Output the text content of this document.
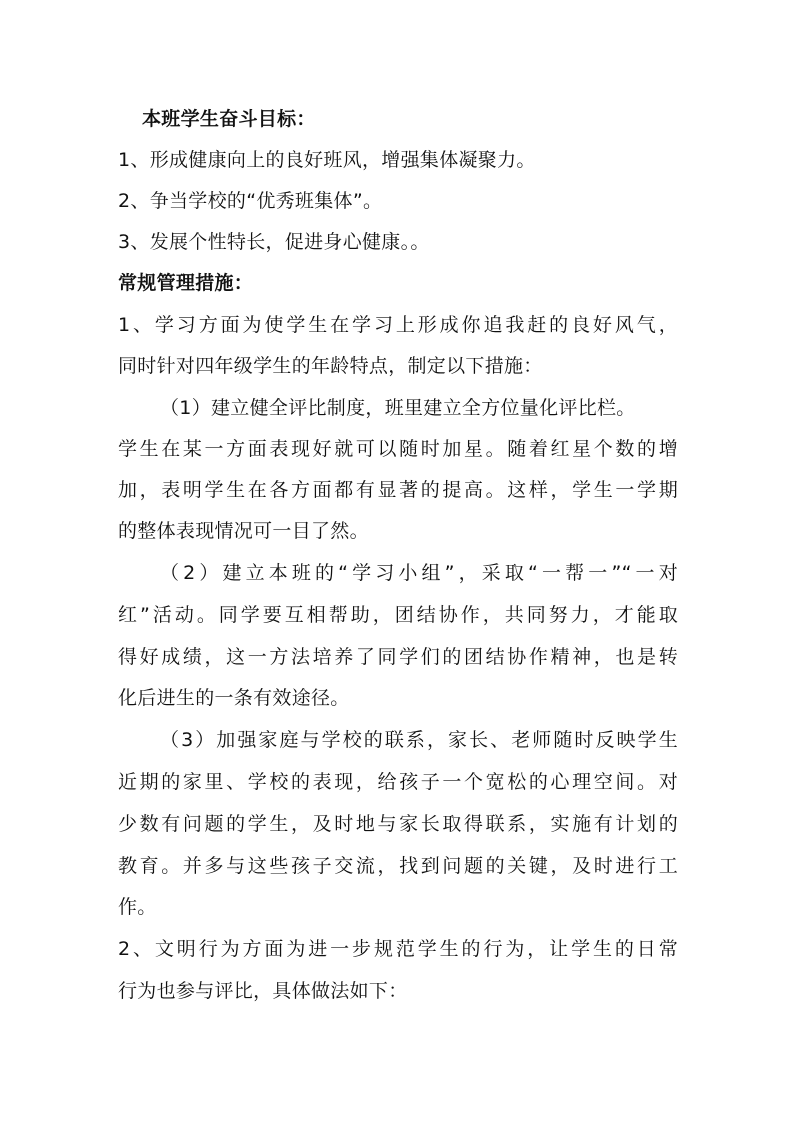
本班学生奋斗目标：
1、形成健康向上的良好班风，增强集体凝聚力。
2、争当学校的“优秀班集体”。
3、发展个性特长，促进身心健康。。
常规管理措施：
1、学习方面为使学生在学习上形成你追我赶的良好风气，
同时针对四年级学生的年龄特点，制定以下措施：
（1）建立健全评比制度，班里建立全方位量化评比栏。
学生在某一方面表现好就可以随时加星。随着红星个数的增
加，表明学生在各方面都有显著的提高。这样，学生一学期
的整体表现情况可一目了然。
（2）建立本班的“学习小组”，采取“一帮一”“一对
红”活动。同学要互相帮助，团结协作，共同努力，才能取
得好成绩，这一方法培养了同学们的团结协作精神，也是转
化后进生的一条有效途径。
（3）加强家庭与学校的联系，家长、老师随时反映学生
近期的家里、学校的表现，给孩子一个宽松的心理空间。对
少数有问题的学生，及时地与家长取得联系，实施有计划的
教育。并多与这些孩子交流，找到问题的关键，及时进行工
作。
2、文明行为方面为进一步规范学生的行为，让学生的日常
行为也参与评比，具体做法如下：
